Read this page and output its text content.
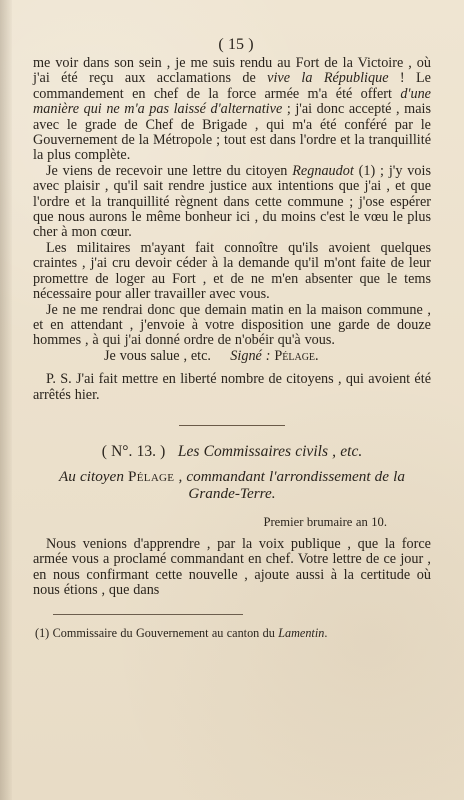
( 15 )

me voir dans son sein , je me suis rendu au Fort de la Victoire , où j'ai été reçu aux acclamations de vive la République ! Le commandement en chef de la force armée m'a été offert d'une manière qui ne m'a pas laissé d'alternative ; j'ai donc accepté , mais avec le grade de Chef de Brigade , qui m'a été conféré par le Gouvernement de la Métropole ; tout est dans l'ordre et la tranquillité la plus complète.

Je viens de recevoir une lettre du citoyen Regnaudot (1) ; j'y vois avec plaisir , qu'il sait rendre justice aux intentions que j'ai , et que l'ordre et la tranquillité règnent dans cette commune ; j'ose espérer que nous aurons le même bonheur ici , du moins c'est le vœu le plus cher à mon cœur.

Les militaires m'ayant fait connoître qu'ils avoient quelques craintes , j'ai cru devoir céder à la demande qu'il m'ont faite de leur promettre de loger au Fort , et de ne m'en absenter que le tems nécessaire pour aller travailler avec vous.

Je ne me rendrai donc que demain matin en la maison commune , et en attendant , j'envoie à votre disposition une garde de douze hommes , à qui j'ai donné ordre de n'obéir qu'à vous.

Je vous salue , etc. Signé : Pélage.

P. S. J'ai fait mettre en liberté nombre de citoyens , qui avoient été arrêtés hier.

( N°. 13. ) Les Commissaires civils , etc.
Au citoyen Pélage , commandant l'arrondissement de la Grande-Terre.
Premier brumaire an 10.

Nous venions d'apprendre , par la voix publique , que la force armée vous a proclamé commandant en chef. Votre lettre de ce jour , en nous confirmant cette nouvelle , ajoute aussi à la certitude où nous étions , que dans

(1) Commissaire du Gouvernement au canton du Lamentin.
